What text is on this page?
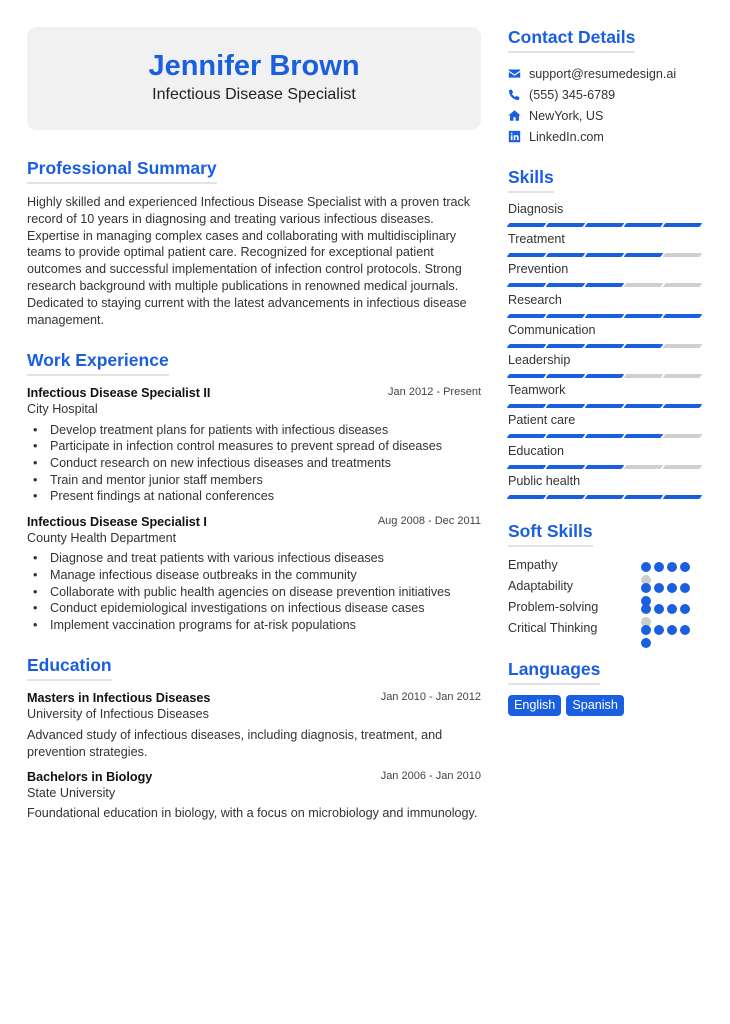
Jennifer Brown
Infectious Disease Specialist
Professional Summary

Highly skilled and experienced Infectious Disease Specialist with a proven track record of 10 years in diagnosing and treating various infectious diseases. Expertise in managing complex cases and collaborating with multidisciplinary teams to provide optimal patient care. Recognized for exceptional patient outcomes and successful implementation of infection control protocols. Strong research background with multiple publications in renowned medical journals. Dedicated to staying current with the latest advancements in infectious disease management.

Work Experience
Infectious Disease Specialist II	Jan 2012 - Present
City Hospital
• Develop treatment plans for patients with infectious diseases
• Participate in infection control measures to prevent spread of diseases
• Conduct research on new infectious diseases and treatments
• Train and mentor junior staff members
• Present findings at national conferences
Infectious Disease Specialist I	Aug 2008 - Dec 2011
County Health Department
• Diagnose and treat patients with various infectious diseases
• Manage infectious disease outbreaks in the community
• Collaborate with public health agencies on disease prevention initiatives
• Conduct epidemiological investigations on infectious disease cases
• Implement vaccination programs for at-risk populations
Education
Masters in Infectious Diseases	Jan 2010 - Jan 2012
University of Infectious Diseases

Advanced study of infectious diseases, including diagnosis, treatment, and prevention strategies.

Bachelors in Biology	Jan 2006 - Jan 2010
State University

Foundational education in biology, with a focus on microbiology and immunology.

Contact Details
support@resumedesign.ai
(555) 345-6789
NewYork, US
LinkedIn.com
Skills
Diagnosis
Treatment
Prevention
Research
Communication
Leadership
Teamwork
Patient care
Education
Public health
Soft Skills
Empathy
Adaptability
Problem-solving
Critical Thinking
Languages
English	Spanish
